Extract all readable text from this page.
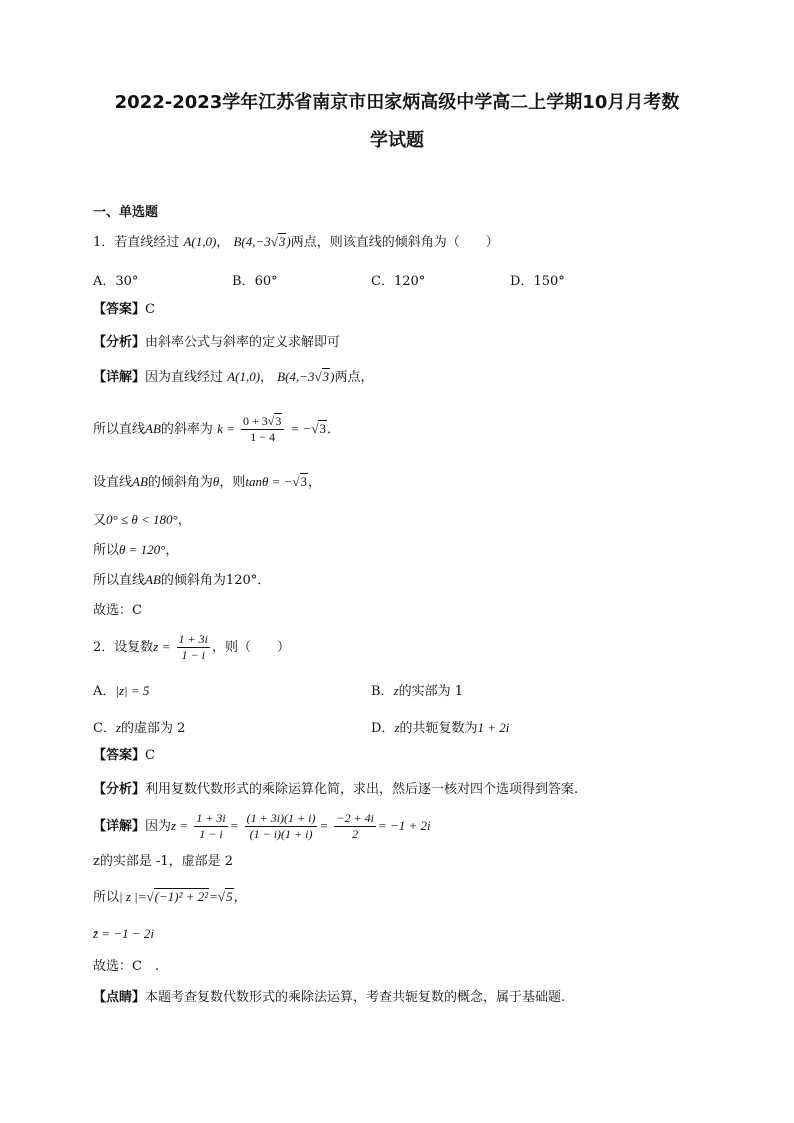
2022-2023学年江苏省南京市田家炳高级中学高二上学期10月月考数
学试题
一、单选题
1．若直线经过 A(1,0)， B(4,−3√3)两点，则该直线的倾斜角为（　　）
A．30°	B．60°	C．120°	D．150°
【答案】C
【分析】由斜率公式与斜率的定义求解即可
【详解】因为直线经过 A(1,0)， B(4,−3√3)两点，
所以直线AB的斜率为 $k = \frac{0 + 3√3}{1 - 4} = -√3$．
设直线AB的倾斜角为θ，则tanθ = −√3，
又0° ≤ θ < 180°，
所以θ = 120°，
所以直线AB的倾斜角为120°．
故选：C
2．设复数$z = \frac{1 + 3i}{1 - i}$ ，则（　　）
A．|z| = 5	B．z的实部为 1
C．z的虚部为 2	D．z的共轭复数为1 + 2i
【答案】C
【分析】利用复数代数形式的乘除运算化简，求出，然后逐一核对四个选项得到答案.
【详解】因为$z = \frac{1 + 3i}{1 - i} = \frac{(1 + 3i)(1 + i)}{(1 - i)(1 + i)} = \frac{-2 + 4i}{2} = -1 + 2i$
z的实部是 -1，虚部是 2
所以| z |=√(−1)² + 2²=√5，
z̄ = −1 − 2i
故选：C　.
【点睛】本题考查复数代数形式的乘除法运算，考查共轭复数的概念，属于基础题.
